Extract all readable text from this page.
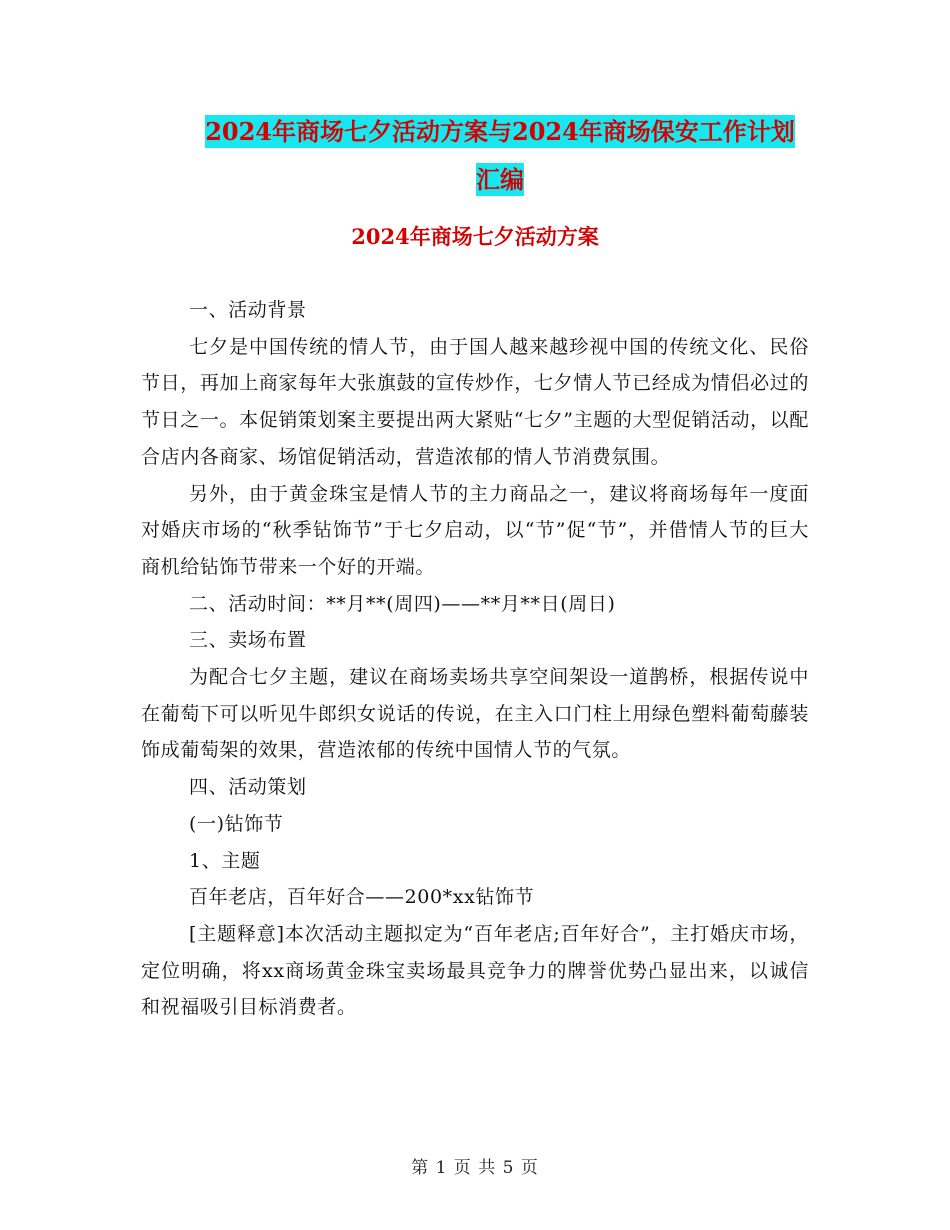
2024年商场七夕活动方案与2024年商场保安工作计划
汇编
2024年商场七夕活动方案

一、活动背景

七夕是中国传统的情人节，由于国人越来越珍视中国的传统文化、民俗节日，再加上商家每年大张旗鼓的宣传炒作，七夕情人节已经成为情侣必过的节日之一。本促销策划案主要提出两大紧贴“七夕”主题的大型促销活动，以配合店内各商家、场馆促销活动，营造浓郁的情人节消费氛围。

另外，由于黄金珠宝是情人节的主力商品之一，建议将商场每年一度面对婚庆市场的“秋季钻饰节”于七夕启动，以“节”促“节”，并借情人节的巨大商机给钻饰节带来一个好的开端。

二、活动时间：**月**(周四)——**月**日(周日)

三、卖场布置

为配合七夕主题，建议在商场卖场共享空间架设一道鹊桥，根据传说中在葡萄下可以听见牛郎织女说话的传说，在主入口门柱上用绿色塑料葡萄藤装饰成葡萄架的效果，营造浓郁的传统中国情人节的气氛。

四、活动策划

(一)钻饰节

1、主题

百年老店，百年好合——200*xx钻饰节

[主题释意]本次活动主题拟定为“百年老店;百年好合”，主打婚庆市场，定位明确，将xx商场黄金珠宝卖场最具竞争力的牌誉优势凸显出来，以诚信和祝福吸引目标消费者。

第 1 页 共 5 页
